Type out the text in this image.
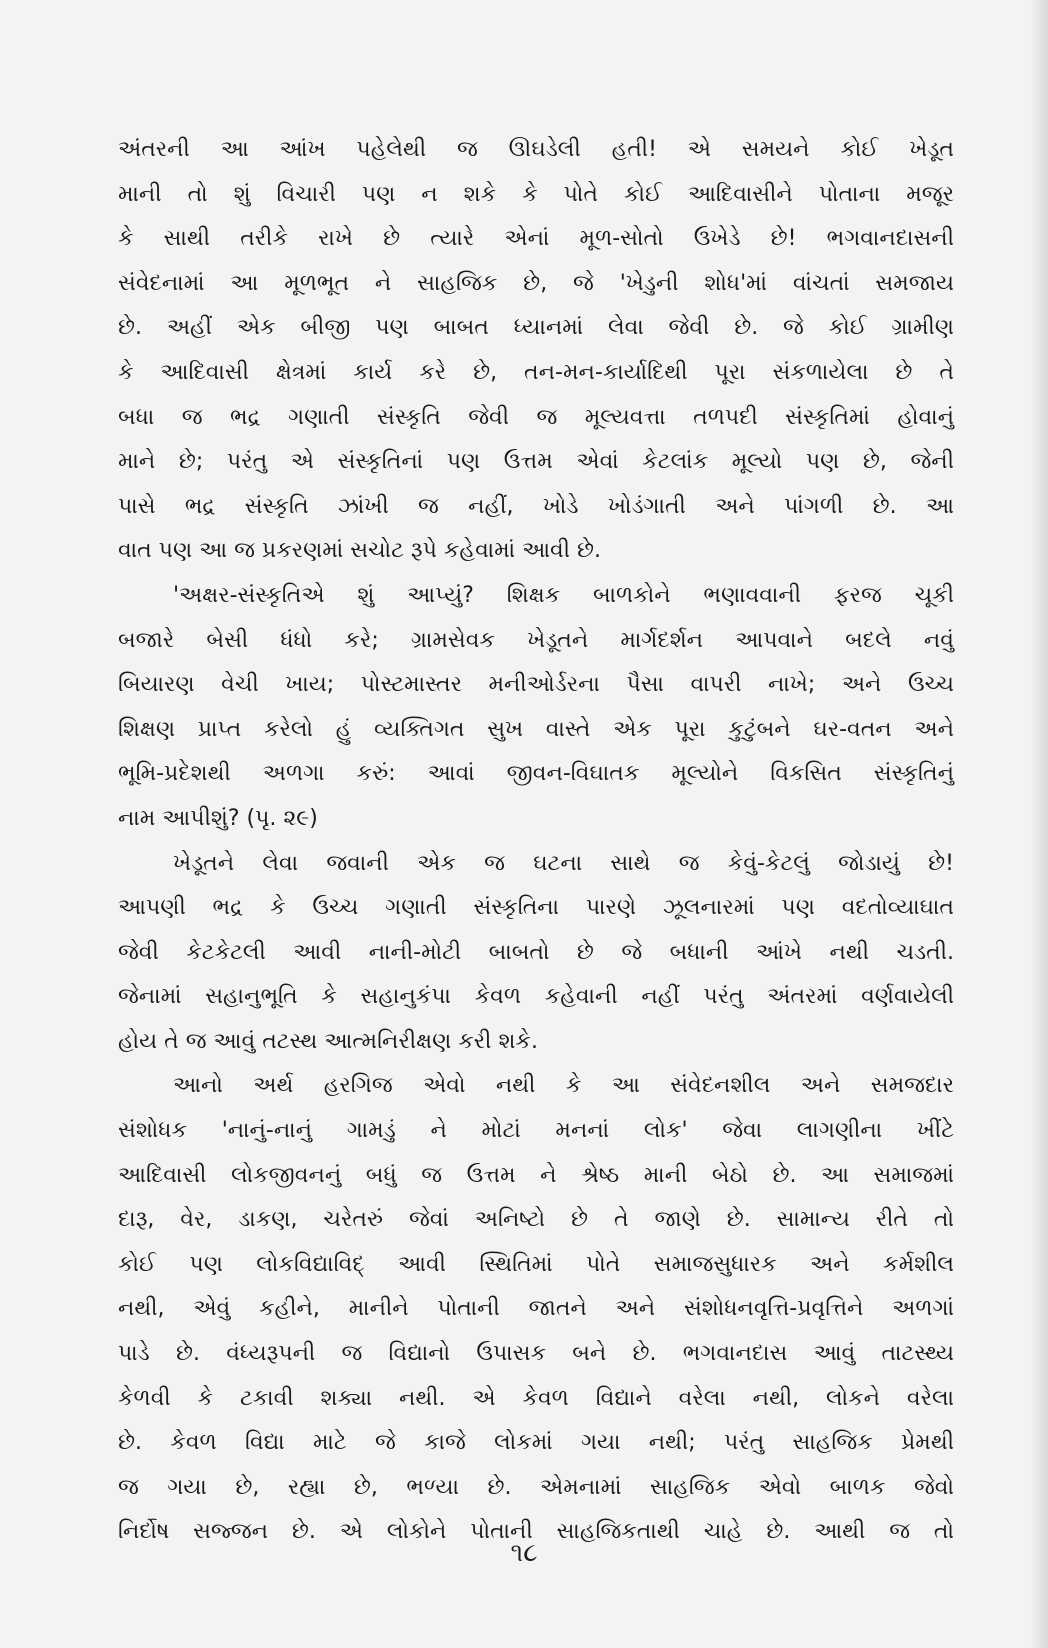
અંતરની આ આંખ પહેલેથી જ ઊઘડેલી હતી! એ સમયને કોઈ ખેડૂત
માની તો શું વિચારી પણ ન શકે કે પોતે કોઈ આદિવાસીને પોતાના મજૂર
કે સાથી તરીકે રાખે છે ત્યારે એનાં મૂળ-સોતો ઉખેડે છે! ભગવાનદાસની
સંવેદનામાં આ મૂળભૂત ને સાહજિક છે, જે 'ખેડુની શોધ'માં વાંચતાં સમજાય
છે. અહીં એક બીજી પણ બાબત ધ્યાનમાં લેવા જેવી છે. જે કોઈ ગ્રામીણ
કે આદિવાસી ક્ષેત્રમાં કાર્ય કરે છે, તન-મન-કાર્યાદિથી પૂરા સંકળાયેલા છે તે
બધા જ ભદ્ર ગણાતી સંસ્કૃતિ જેવી જ મૂલ્યવત્તા તળપદી સંસ્કૃતિમાં હોવાનું
માને છે; પરંતુ એ સંસ્કૃતિનાં પણ ઉત્તમ એવાં કેટલાંક મૂલ્યો પણ છે, જેની
પાસે ભદ્ર સંસ્કૃતિ ઝાંખી જ નહીં, ખોડે ખોડંગાતી અને પાંગળી છે. આ
વાત પણ આ જ પ્રકરણમાં સચોટ રૂપે કહેવામાં આવી છે.
'અક્ષર-સંસ્કૃતિએ શું આપ્યું? શિક્ષક બાળકોને ભણાવવાની ફરજ ચૂકી
બજારે બેસી ધંધો કરે; ગ્રામસેવક ખેડૂતને માર્ગદર્શન આપવાને બદલે નવું
બિયારણ વેચી ખાય; પોસ્ટમાસ્તર મનીઓર્ડરના પૈસા વાપરી નાખે; અને ઉચ્ચ
શિક્ષણ પ્રાપ્ત કરેલો હું વ્યક્તિગત સુખ વાસ્તે એક પૂરા કુટુંબને ઘર-વતન અને
ભૂમિ-પ્રદેશથી અળગા કરું: આવાં જીવન-વિઘાતક મૂલ્યોને વિકસિત સંસ્કૃતિનું
નામ આપીશું? (પૃ. ૨૯)
ખેડૂતને લેવા જવાની એક જ ઘટના સાથે જ કેવું-કેટલું જોડાયું છે!
આપણી ભદ્ર કે ઉચ્ચ ગણાતી સંસ્કૃતિના પારણે ઝૂલનારમાં પણ વદતોવ્યાઘાત
જેવી કેટકેટલી આવી નાની-મોટી બાબતો છે જે બધાની આંખે નથી ચડતી.
જેનામાં સહાનુભૂતિ કે સહાનુકંપા કેવળ કહેવાની નહીં પરંતુ અંતરમાં વર્ણવાયેલી
હોય તે જ આવું તટસ્થ આત્મનિરીક્ષણ કરી શકે.
આનો અર્થ હરગિજ એવો નથી કે આ સંવેદનશીલ અને સમજદાર
સંશોધક 'નાનું-નાનું ગામડું ને મોટાં મનનાં લોક' જેવા લાગણીના ખીંટે
આદિવાસી લોકજીવનનું બધું જ ઉત્તમ ને શ્રેષ્ઠ માની બેઠો છે. આ સમાજમાં
દારૂ, વેર, ડાકણ, ચરેતરું જેવાં અનિષ્ટો છે તે જાણે છે. સામાન્ય રીતે તો
કોઈ પણ લોકવિદ્યાવિદ્ આવી સ્થિતિમાં પોતે સમાજસુધારક અને કર્મશીલ
નથી, એવું કહીને, માનીને પોતાની જાતને અને સંશોધનવૃત્તિ-પ્રવૃત્તિને અળગાં
પાડે છે. વંધ્યરૂપની જ વિદ્યાનો ઉપાસક બને છે. ભગવાનદાસ આવું તાટસ્થ્ય
કેળવી કે ટકાવી શક્યા નથી. એ કેવળ વિદ્યાને વરેલા નથી, લોકને વરેલા
છે. કેવળ વિદ્યા માટે જે કાજે લોકમાં ગયા નથી; પરંતુ સાહજિક પ્રેમથી
જ ગયા છે, રહ્યા છે, ભળ્યા છે. એમનામાં સાહજિક એવો બાળક જેવો
નિર્દોષ સજ્જન છે. એ લોકોને પોતાની સાહજિકતાથી ચાહે છે. આથી જ તો
૧૮
